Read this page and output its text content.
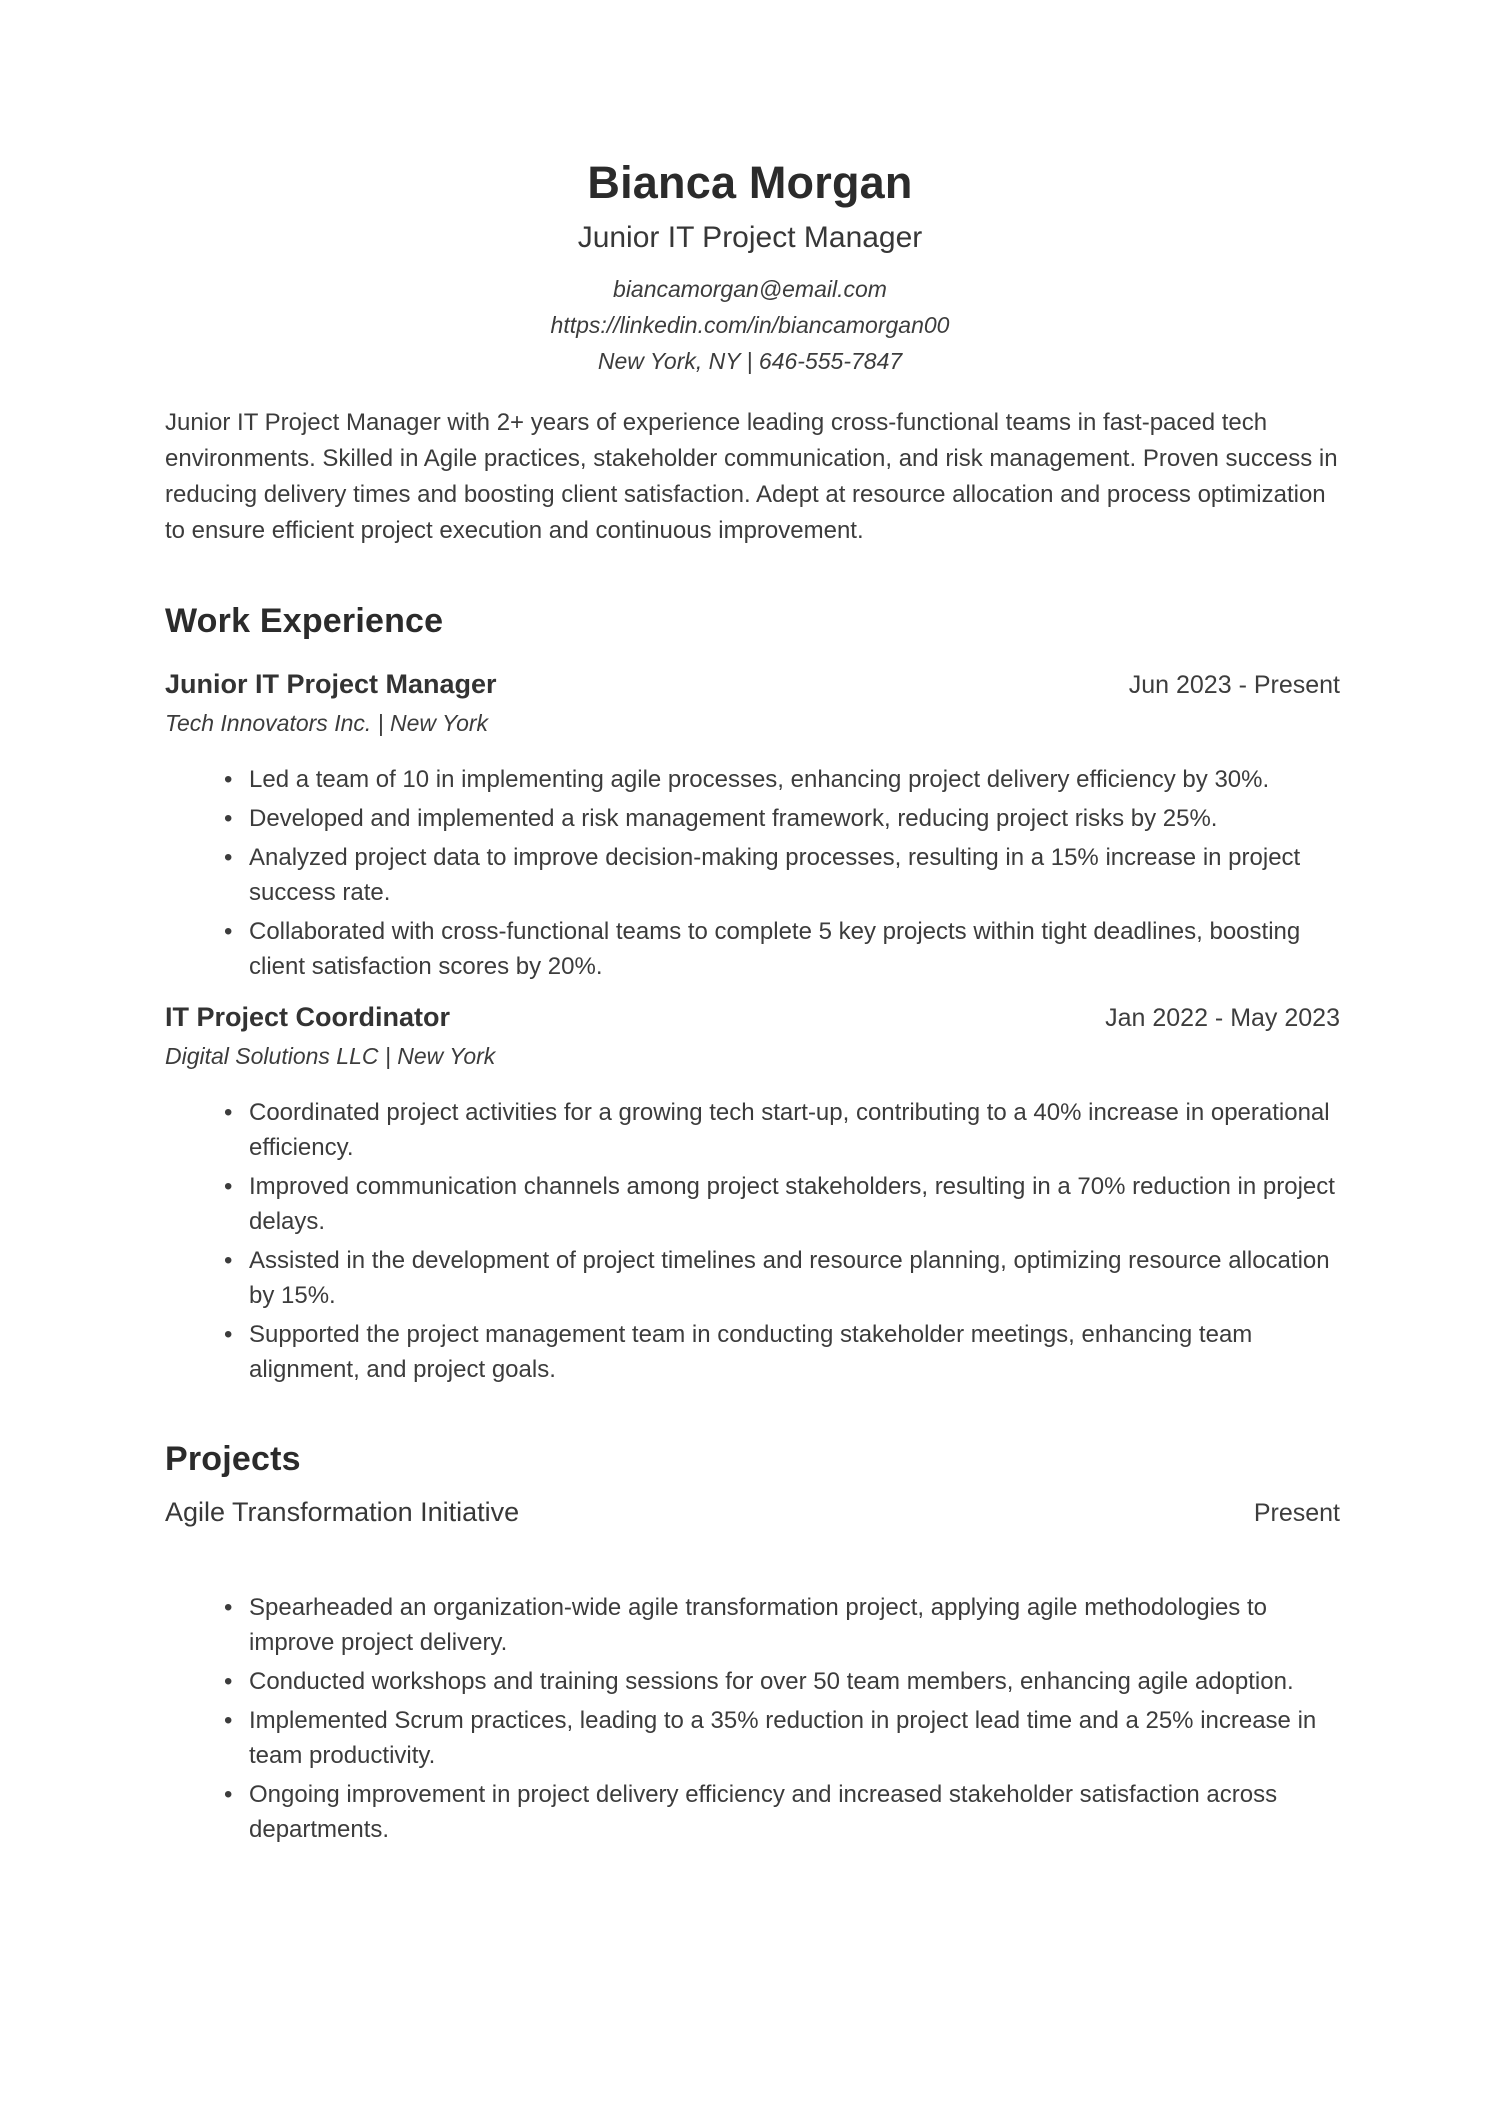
Bianca Morgan
Junior IT Project Manager
biancamorgan@email.com
https://linkedin.com/in/biancamorgan00
New York, NY | 646-555-7847

Junior IT Project Manager with 2+ years of experience leading cross-functional teams in fast-paced tech environments. Skilled in Agile practices, stakeholder communication, and risk management. Proven success in reducing delivery times and boosting client satisfaction. Adept at resource allocation and process optimization to ensure efficient project execution and continuous improvement.

Work Experience
Junior IT Project Manager	Jun 2023 - Present
Tech Innovators Inc. | New York
• Led a team of 10 in implementing agile processes, enhancing project delivery efficiency by 30%.
• Developed and implemented a risk management framework, reducing project risks by 25%.
• Analyzed project data to improve decision-making processes, resulting in a 15% increase in project success rate.
• Collaborated with cross-functional teams to complete 5 key projects within tight deadlines, boosting client satisfaction scores by 20%.
IT Project Coordinator	Jan 2022 - May 2023
Digital Solutions LLC | New York
• Coordinated project activities for a growing tech start-up, contributing to a 40% increase in operational efficiency.
• Improved communication channels among project stakeholders, resulting in a 70% reduction in project delays.
• Assisted in the development of project timelines and resource planning, optimizing resource allocation by 15%.
• Supported the project management team in conducting stakeholder meetings, enhancing team alignment, and project goals.
Projects
Agile Transformation Initiative	Present
• Spearheaded an organization-wide agile transformation project, applying agile methodologies to improve project delivery.
• Conducted workshops and training sessions for over 50 team members, enhancing agile adoption.
• Implemented Scrum practices, leading to a 35% reduction in project lead time and a 25% increase in team productivity.
• Ongoing improvement in project delivery efficiency and increased stakeholder satisfaction across departments.
